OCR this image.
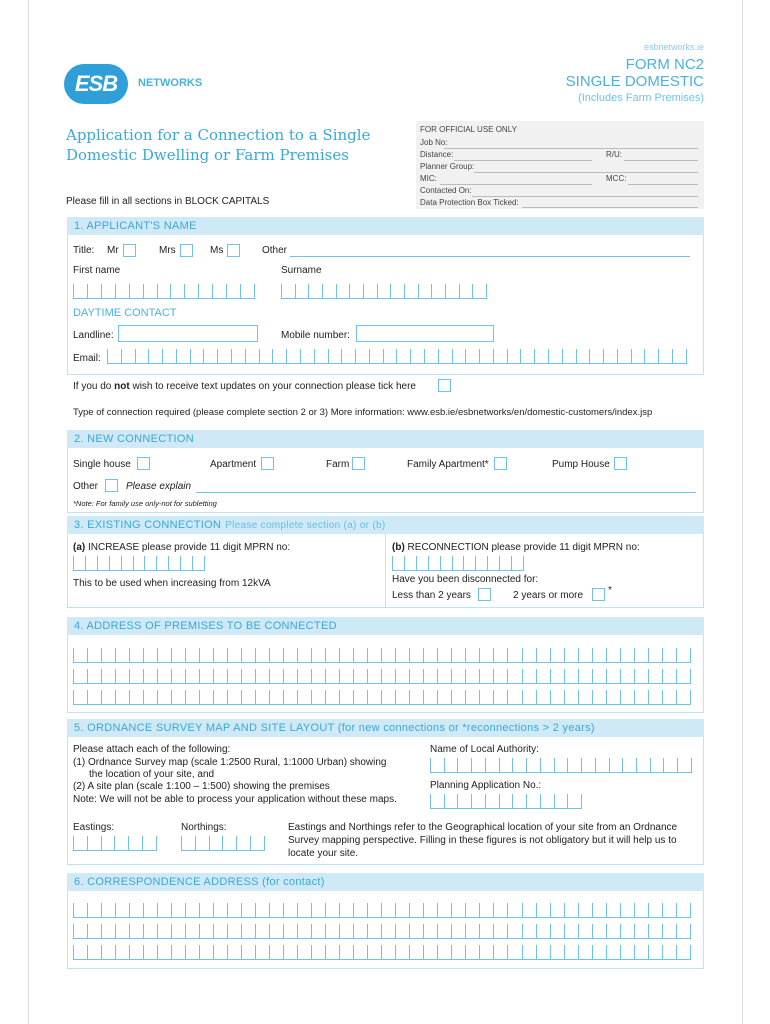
ESB	NETWORKS
esbnetworks.ie
FORM NC2
SINGLE DOMESTIC
(Includes Farm Premises)
Application for a Connection to a Single
Domestic Dwelling or Farm Premises
Please fill in all sections in BLOCK CAPITALS
FOR OFFICIAL USE ONLY
Job No:
Distance:	R/U:
Planner Group:
MIC:	MCC:
Contacted On:
Data Protection Box Ticked:
1. APPLICANT'S NAME
Title: Mr	Mrs	Ms	Other
First name	Surname
DAYTIME CONTACT
Landline:	Mobile number:
Email:
If you do not wish to receive text updates on your connection please tick here
Type of connection required (please complete section 2 or 3) More information: www.esb.ie/esbnetworks/en/domestic-customers/index.jsp
2. NEW CONNECTION
Single house	Apartment	Farm	Family Apartment*	Pump House
Other	Please explain
*Note: For family use only-not for subletting
3. EXISTING CONNECTION Please complete section (a) or (b)
(a) INCREASE please provide 11 digit MPRN no:
This to be used when increasing from 12kVA
(b) RECONNECTION please provide 11 digit MPRN no:
Have you been disconnected for:
Less than 2 years	2 years or more *
4. ADDRESS OF PREMISES TO BE CONNECTED
5. ORDNANCE SURVEY MAP AND SITE LAYOUT (for new connections or *reconnections > 2 years)
Please attach each of the following:
(1) Ordnance Survey map (scale 1:2500 Rural, 1:1000 Urban) showing
the location of your site, and
(2) A site plan (scale 1:100 – 1:500) showing the premises
Note: We will not be able to process your application without these maps.
Name of Local Authority:
Planning Application No.:
Eastings:	Northings:	Eastings and Northings refer to the Geographical location of your site from an Ordnance
Survey mapping perspective. Filling in these figures is not obligatory but it will help us to
locate your site.
6. CORRESPONDENCE ADDRESS (for contact)
